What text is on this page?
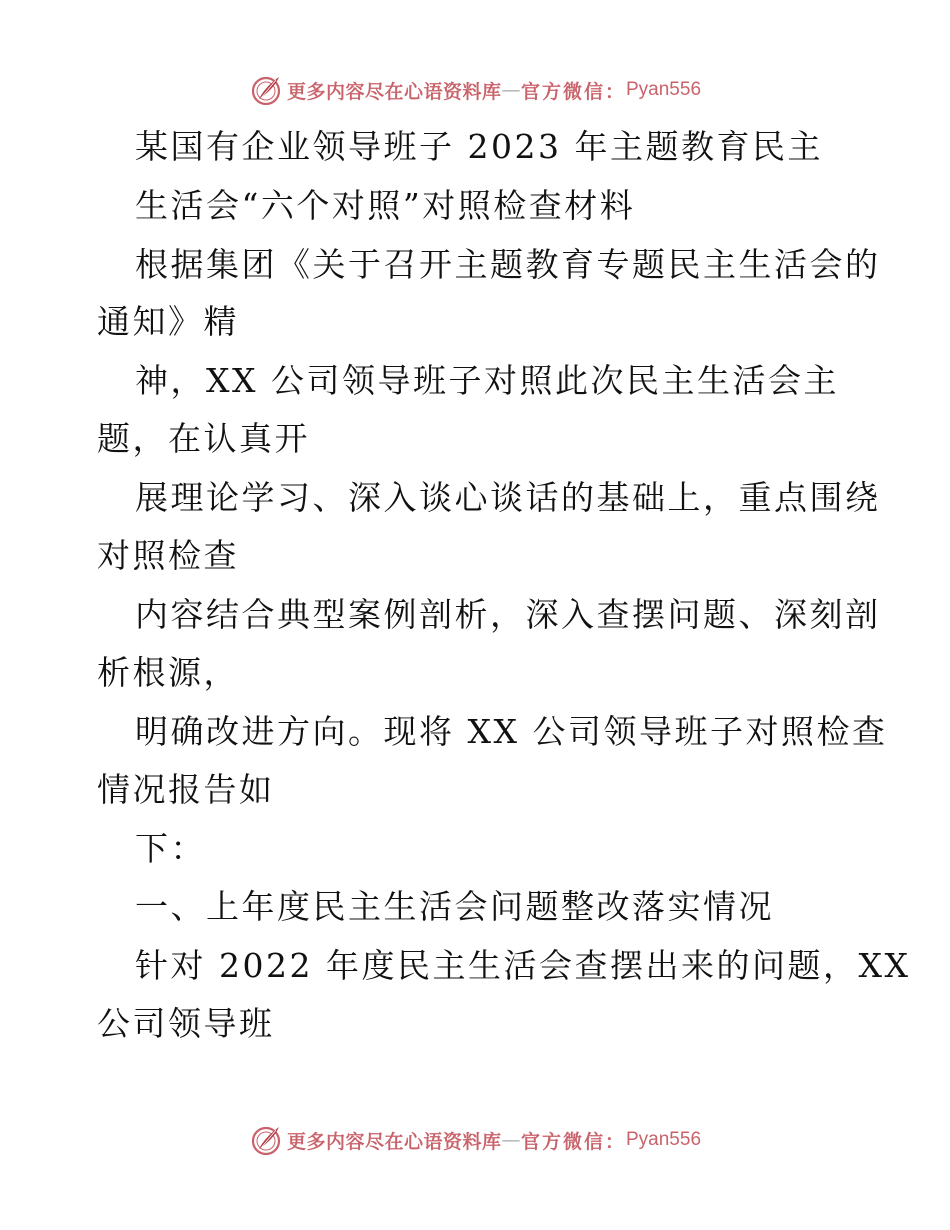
更多内容尽在心语资料库 — 官方微信： Pyan556
某国有企业领导班子 2023 年主题教育民主
生活会“六个对照”对照检查材料
根据集团《关于召开主题教育专题民主生活会的
通知》精
神，XX 公司领导班子对照此次民主生活会主
题，在认真开
展理论学习、深入谈心谈话的基础上，重点围绕
对照检查
内容结合典型案例剖析，深入查摆问题、深刻剖
析根源，
明确改进方向。现将 XX 公司领导班子对照检查
情况报告如
下：
一、上年度民主生活会问题整改落实情况
针对 2022 年度民主生活会查摆出来的问题，XX
公司领导班
更多内容尽在心语资料库 — 官方微信： Pyan556
